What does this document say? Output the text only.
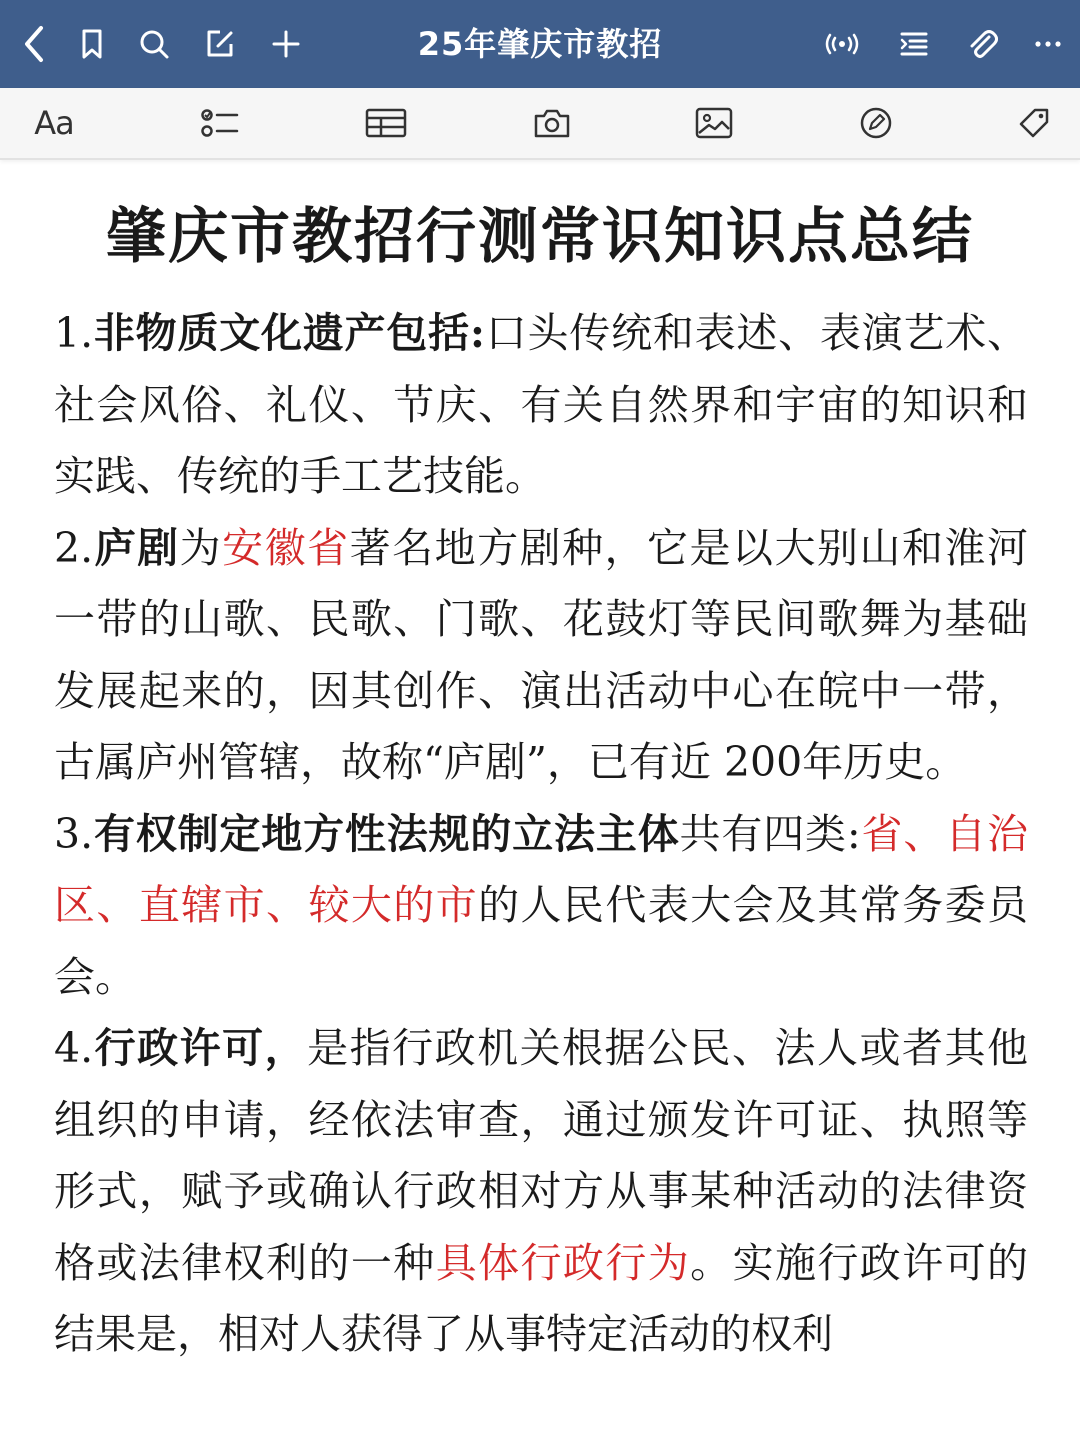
25年肇庆市教招
Aa
肇庆市教招行测常识知识点总结

1.非物质文化遗产包括:口头传统和表述、表演艺术、社会风俗、礼仪、节庆、有关自然界和宇宙的知识和实践、传统的手工艺技能。

2.庐剧为安徽省著名地方剧种，它是以大别山和淮河一带的山歌、民歌、门歌、花鼓灯等民间歌舞为基础发展起来的，因其创作、演出活动中心在皖中一带，古属庐州管辖，故称“庐剧”，已有近 200年历史。

3.有权制定地方性法规的立法主体共有四类:省、自治区、直辖市、较大的市的人民代表大会及其常务委员会。

4.行政许可，是指行政机关根据公民、法人或者其他组织的申请，经依法审查，通过颁发许可证、执照等形式，赋予或确认行政相对方从事某种活动的法律资格或法律权利的一种具体行政行为。实施行政许可的结果是，相对人获得了从事特定活动的权利
